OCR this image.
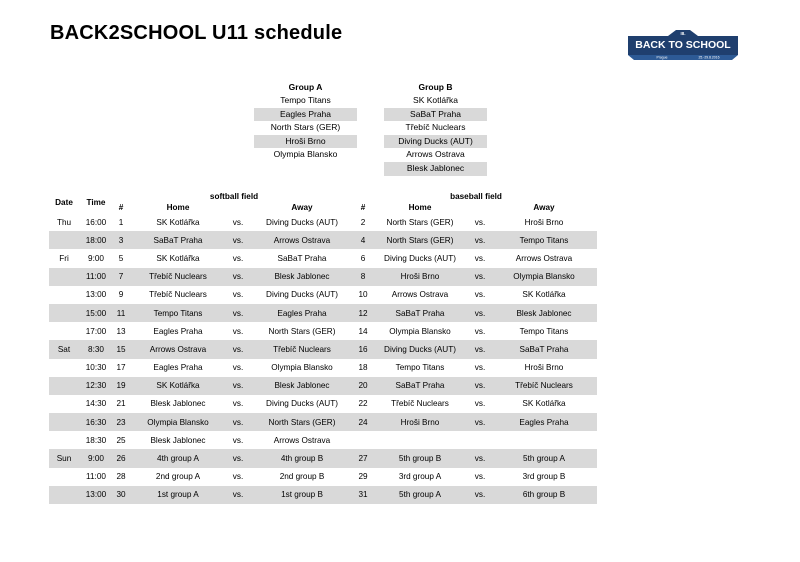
BACK2SCHOOL U11 schedule	III.
BACK TO SCHOOL
Prague	25.-29.8.2016
Group A
Tempo Titans
Eagles Praha
North Stars (GER)
Hroši Brno
Olympia Blansko
Group B
SK Kotlářka
SaBaT Praha
Třebíč Nuclears
Diving Ducks (AUT)
Arrows Ostrava
Blesk Jablonec
Date	Time	softball field				baseball field			
		#	Home		Away	#	Home		Away
Thu	16:00	1	SK Kotlářka	vs.	Diving Ducks (AUT)	2	North Stars (GER)	vs.	Hroši Brno
	18:00	3	SaBaT Praha	vs.	Arrows Ostrava	4	North Stars (GER)	vs.	Tempo Titans
Fri	9:00	5	SK Kotlářka	vs.	SaBaT Praha	6	Diving Ducks (AUT)	vs.	Arrows Ostrava
	11:00	7	Třebíč Nuclears	vs.	Blesk Jablonec	8	Hroši Brno	vs.	Olympia Blansko
	13:00	9	Třebíč Nuclears	vs.	Diving Ducks (AUT)	10	Arrows Ostrava	vs.	SK Kotlářka
	15:00	11	Tempo Titans	vs.	Eagles Praha	12	SaBaT Praha	vs.	Blesk Jablonec
	17:00	13	Eagles Praha	vs.	North Stars (GER)	14	Olympia Blansko	vs.	Tempo Titans
Sat	8:30	15	Arrows Ostrava	vs.	Třebíč Nuclears	16	Diving Ducks (AUT)	vs.	SaBaT Praha
	10:30	17	Eagles Praha	vs.	Olympia Blansko	18	Tempo Titans	vs.	Hroši Brno
	12:30	19	SK Kotlářka	vs.	Blesk Jablonec	20	SaBaT Praha	vs.	Třebíč Nuclears
	14:30	21	Blesk Jablonec	vs.	Diving Ducks (AUT)	22	Třebíč Nuclears	vs.	SK Kotlářka
	16:30	23	Olympia Blansko	vs.	North Stars (GER)	24	Hroši Brno	vs.	Eagles Praha
	18:30	25	Blesk Jablonec	vs.	Arrows Ostrava				
Sun	9:00	26	4th group A	vs.	4th group B	27	5th group B	vs.	5th group A
	11:00	28	2nd group A	vs.	2nd group B	29	3rd group A	vs.	3rd group B
	13:00	30	1st group A	vs.	1st group B	31	5th group A	vs.	6th group B
